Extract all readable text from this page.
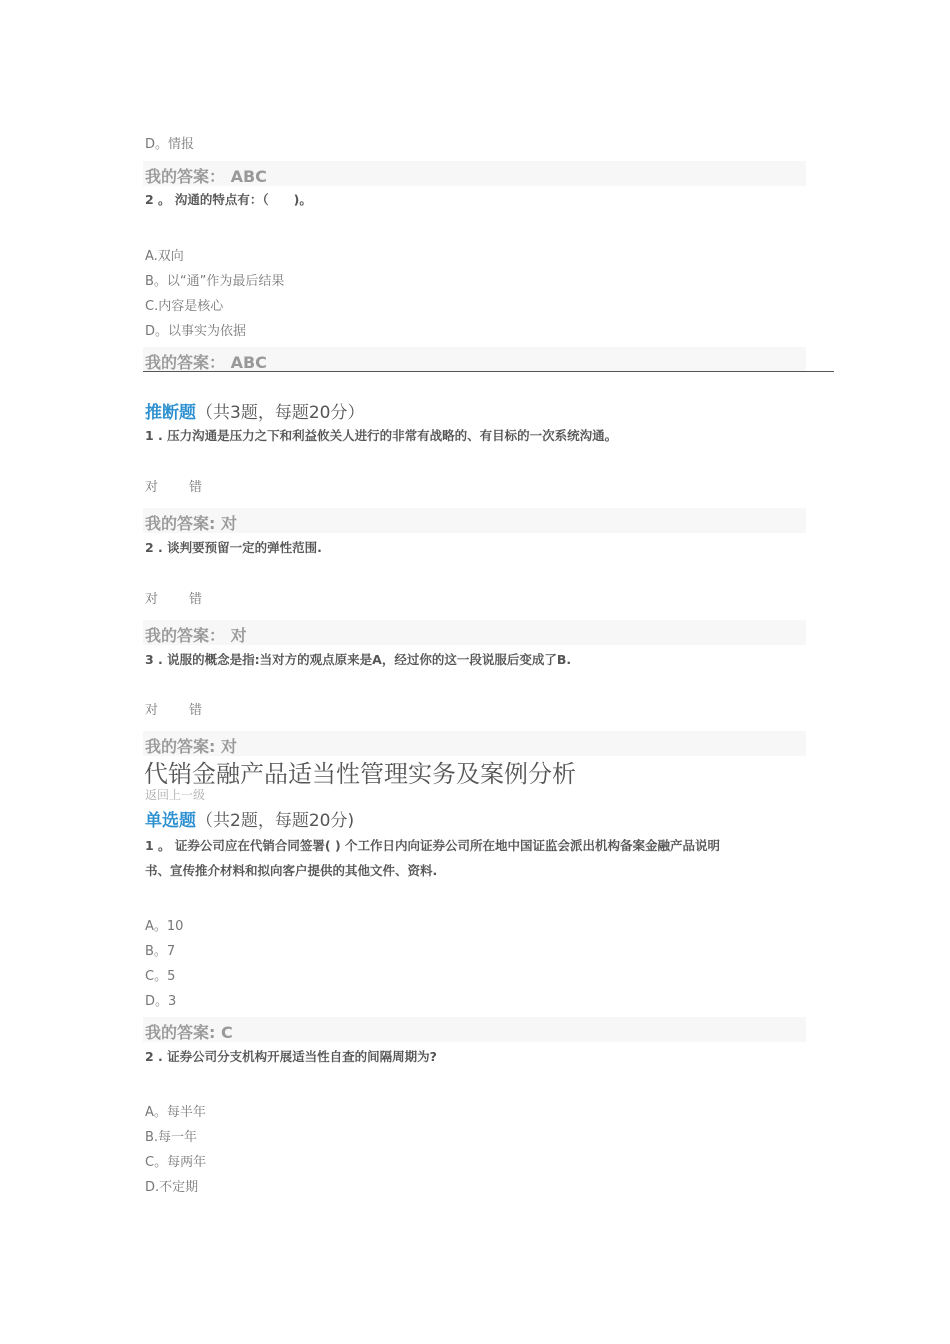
D。情报
我的答案： ABC
2 。 沟通的特点有：（　　)。
A.双向
B。以“通”作为最后结果
C.内容是核心
D。以事实为依据
我的答案： ABC
推断题（共3题，每题20分）
1 . 压力沟通是压力之下和利益攸关人进行的非常有战略的、有目标的一次系统沟通。
对 错
我的答案: 对
2 . 谈判要预留一定的弹性范围.
对 错
我的答案： 对
3 . 说服的概念是指:当对方的观点原来是A，经过你的这一段说服后变成了B.
对 错
我的答案: 对
代销金融产品适当性管理实务及案例分析
返回上一级
单选题（共2题，每题20分)
1 。 证券公司应在代销合同签署( ) 个工作日内向证券公司所在地中国证监会派出机构备案金融产品说明
书、宣传推介材料和拟向客户提供的其他文件、资料.
A。10
B。7
C。5
D。3
我的答案: C
2 . 证券公司分支机构开展适当性自查的间隔周期为?
A。每半年
B.每一年
C。每两年
D.不定期
